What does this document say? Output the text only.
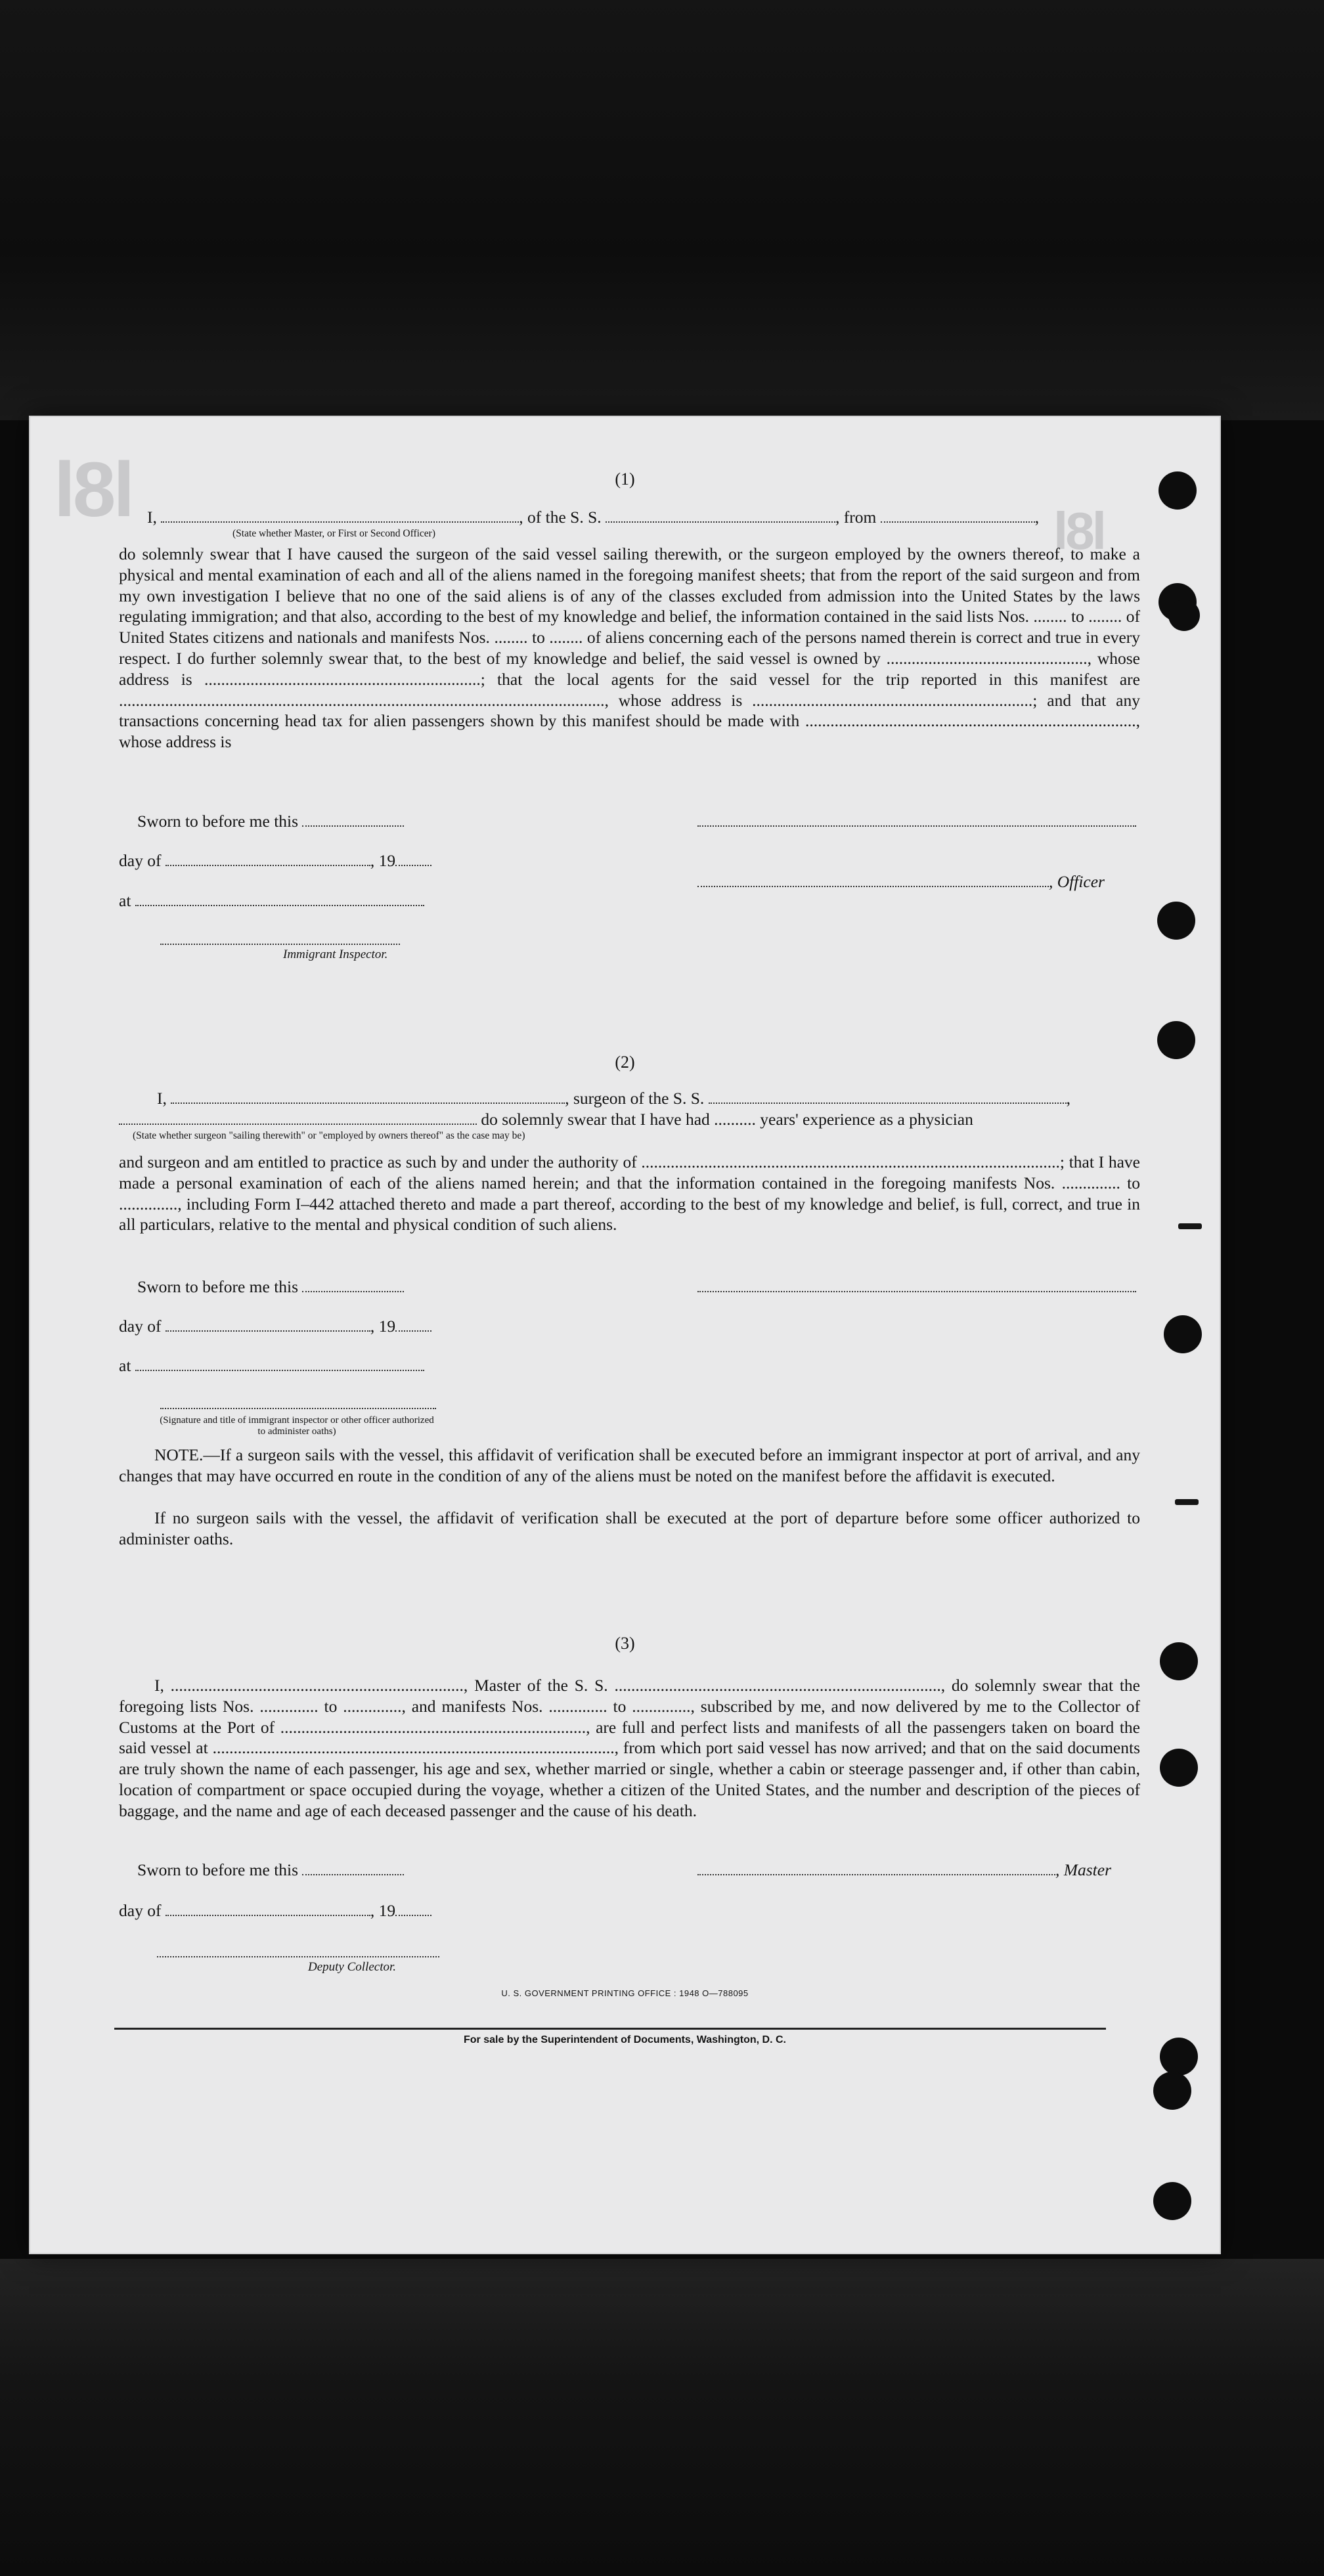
l8l	l8l
(1)
I,	, of the S. S.	, from	,
(State whether Master, or First or Second Officer)

do solemnly swear that I have caused the surgeon of the said vessel sailing therewith, or the surgeon employed by the owners thereof, to make a physical and mental examination of each and all of the aliens named in the foregoing manifest sheets; that from the report of the said surgeon and from my own investigation I believe that no one of the said aliens is of any of the classes excluded from admission into the United States by the laws regulating immigration; and that also, according to the best of my knowledge and belief, the information contained in the said lists Nos. ........ to ........ of United States citizens and nationals and manifests Nos. ........ to ........ of aliens concerning each of the persons named therein is correct and true in every respect. I do further solemnly swear that, to the best of my knowledge and belief, the said vessel is owned by ................................................, whose address is ..................................................................; that the local agents for the said vessel for the trip reported in this manifest are ...................................................................................................................., whose address is ...................................................................; and that any transactions concerning head tax for alien passengers shown by this manifest should be made with ..............................................................................., whose address is

Sworn to before me this
day of	, 19
, Officer
at
Immigrant Inspector.
(2)
I,	, surgeon of the S. S.	,
do solemnly swear that I have had .......... years' experience as a physician
(State whether surgeon "sailing therewith" or "employed by owners thereof" as the case may be)

and surgeon and am entitled to practice as such by and under the authority of ....................................................................................................; that I have made a personal examination of each of the aliens named herein; and that the information contained in the foregoing manifests Nos. .............. to .............., including Form I–442 attached thereto and made a part thereof, according to the best of my knowledge and belief, is full, correct, and true in all particulars, relative to the mental and physical condition of such aliens.

Sworn to before me this
day of	, 19
at
(Signature and title of immigrant inspector or other officer authorized to administer oaths)

NOTE.—If a surgeon sails with the vessel, this affidavit of verification shall be executed before an immigrant inspector at port of arrival, and any changes that may have occurred en route in the condition of any of the aliens must be noted on the manifest before the affidavit is executed.

If no surgeon sails with the vessel, the affidavit of verification shall be executed at the port of departure before some officer authorized to administer oaths.

(3)

I, ......................................................................, Master of the S. S. .............................................................................., do solemnly swear that the foregoing lists Nos. .............. to .............., and manifests Nos. .............. to .............., subscribed by me, and now delivered by me to the Collector of Customs at the Port of ........................................................................., are full and perfect lists and manifests of all the passengers taken on board the said vessel at ................................................................................................, from which port said vessel has now arrived; and that on the said documents are truly shown the name of each passenger, his age and sex, whether married or single, whether a cabin or steerage passenger and, if other than cabin, location of compartment or space occupied during the voyage, whether a citizen of the United States, and the number and description of the pieces of baggage, and the name and age of each deceased passenger and the cause of his death.

Sworn to before me this	, Master
day of	, 19
Deputy Collector.
U. S. GOVERNMENT PRINTING OFFICE : 1948 O—788095
For sale by the Superintendent of Documents, Washington, D. C.
